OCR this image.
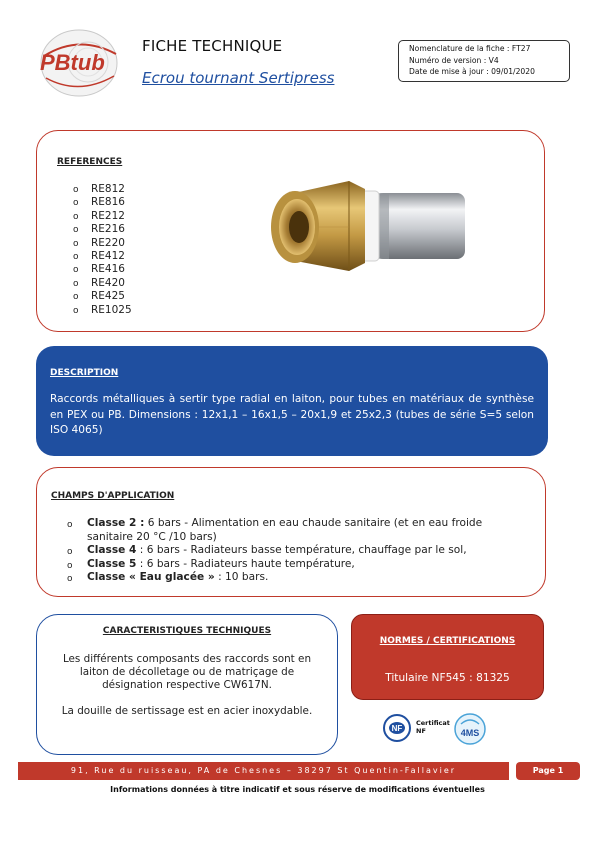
PBtub
FICHE TECHNIQUE
Ecrou tournant Sertipress
Nomenclature de la fiche : FT27
Numéro de version : V4
Date de mise à jour : 09/01/2020
REFERENCES
o RE812
o RE816
o RE212
o RE216
o RE220
o RE412
o RE416
o RE420
o RE425
o RE1025
DESCRIPTION
Raccords métalliques à sertir type radial en laiton, pour tubes en matériaux de synthèse en PEX ou PB. Dimensions : 12x1,1 – 16x1,5 – 20x1,9 et 25x2,3 (tubes de série S=5 selon ISO 4065)
CHAMPS D'APPLICATION
o Classe 2 : 6 bars - Alimentation en eau chaude sanitaire (et en eau froide sanitaire 20 °C /10 bars)
o Classe 4 : 6 bars - Radiateurs basse température, chauffage par le sol,
o Classe 5 : 6 bars - Radiateurs haute température,
o Classe « Eau glacée » : 10 bars.
CARACTERISTIQUES TECHNIQUES
Les différents composants des raccords sont en laiton de décolletage ou de matriçage de désignation respective CW617N.
La douille de sertissage est en acier inoxydable.
NORMES / CERTIFICATIONS
Titulaire NF545 : 81325
NF
Certificat
NF	4MS
91, Rue du ruisseau, PA de Chesnes – 38297 St Quentin-Fallavier	Page 1
Informations données à titre indicatif et sous réserve de modifications éventuelles
